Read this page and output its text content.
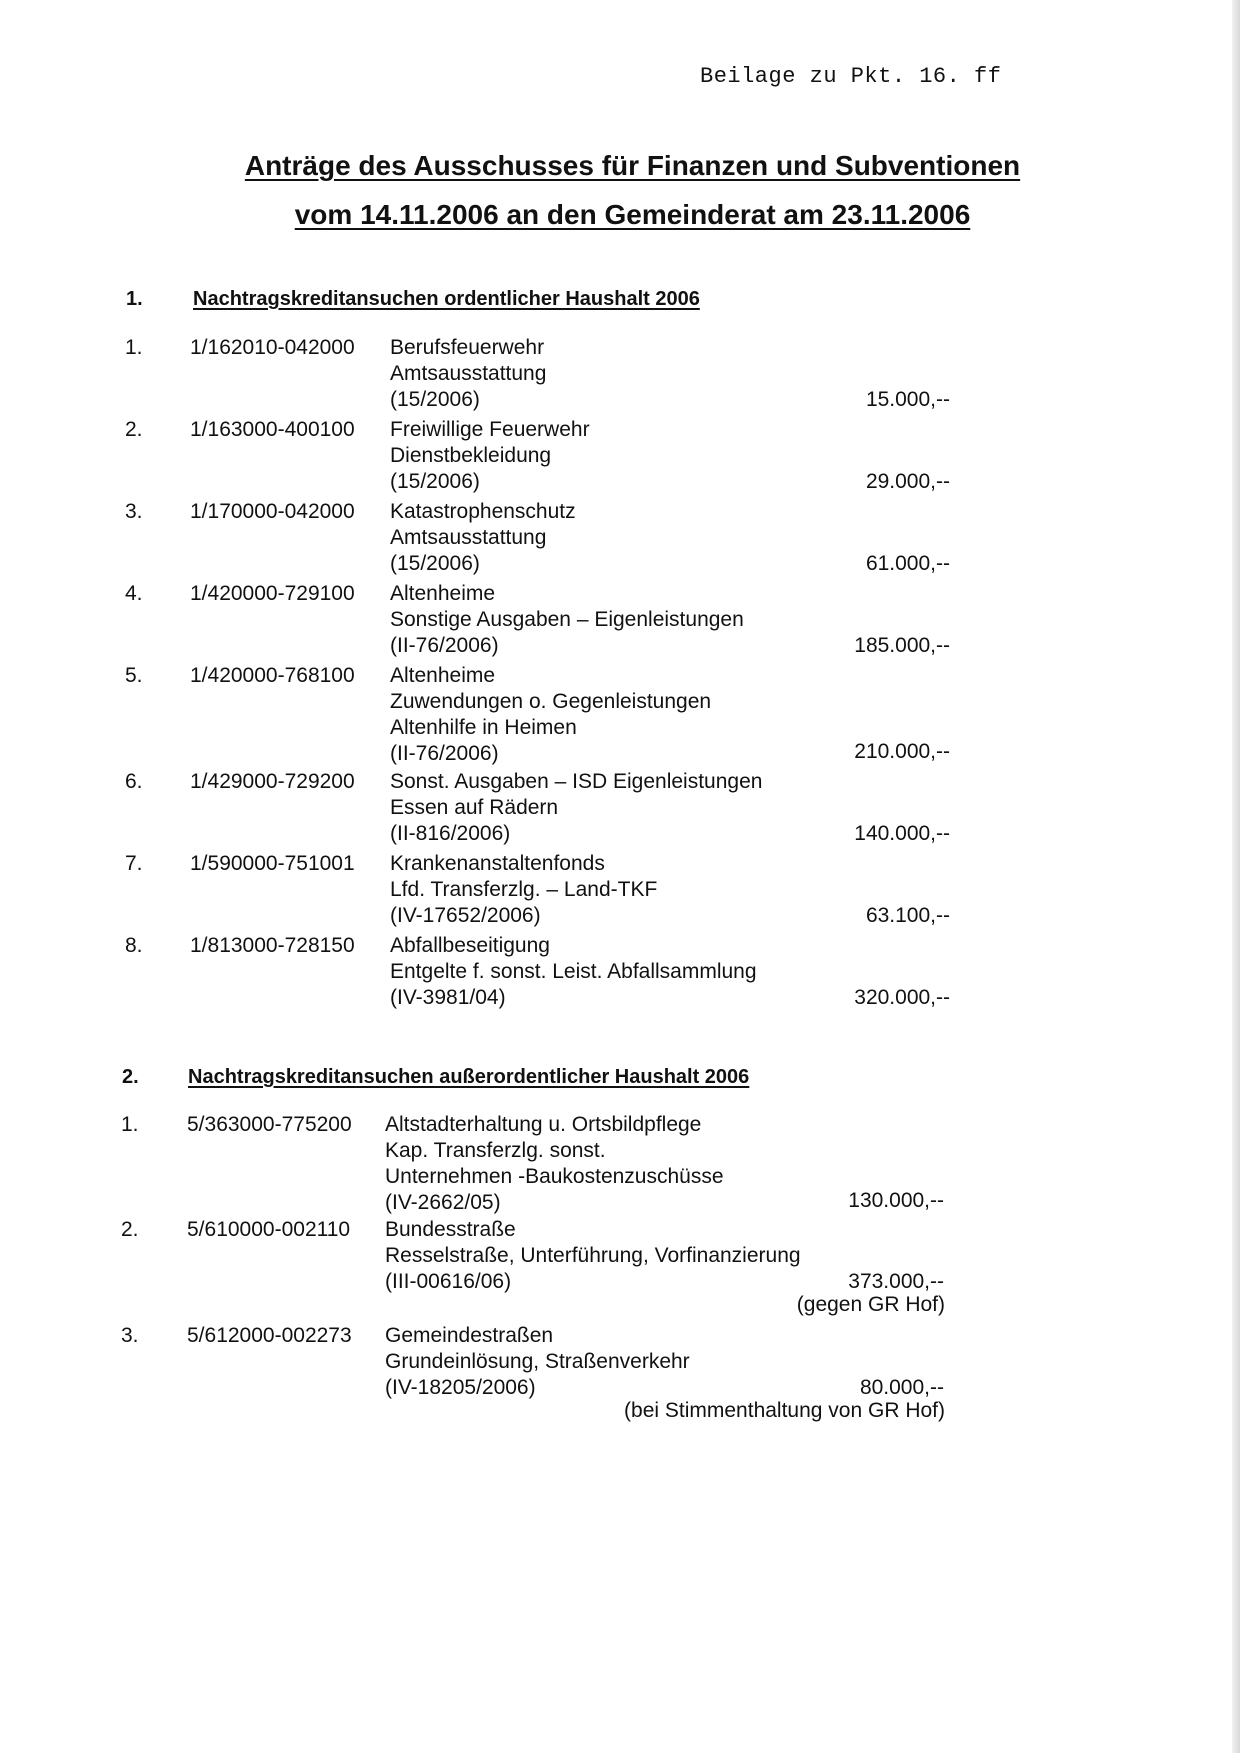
Beilage zu Pkt. 16. ff
Anträge des Ausschusses für Finanzen und Subventionen
vom 14.11.2006 an den Gemeinderat am 23.11.2006
1.	Nachtragskreditansuchen ordentlicher Haushalt 2006
1. 1/162010-042000 Berufsfeuerwehr
Amtsausstattung
(15/2006)	15.000,--
2. 1/163000-400100 Freiwillige Feuerwehr
Dienstbekleidung
(15/2006)	29.000,--
3. 1/170000-042000 Katastrophenschutz
Amtsausstattung
(15/2006)	61.000,--
4. 1/420000-729100 Altenheime
Sonstige Ausgaben – Eigenleistungen
(II-76/2006)	185.000,--
5. 1/420000-768100 Altenheime
Zuwendungen o. Gegenleistungen
Altenhilfe in Heimen
(II-76/2006)	210.000,--
6. 1/429000-729200 Sonst. Ausgaben – ISD Eigenleistungen
Essen auf Rädern
(II-816/2006)	140.000,--
7. 1/590000-751001 Krankenanstaltenfonds
Lfd. Transferzlg. – Land-TKF
(IV-17652/2006)	63.100,--
8. 1/813000-728150 Abfallbeseitigung
Entgelte f. sonst. Leist. Abfallsammlung
(IV-3981/04)	320.000,--
2. Nachtragskreditansuchen außerordentlicher Haushalt 2006
1. 5/363000-775200 Altstadterhaltung u. Ortsbildpflege
Kap. Transferzlg. sonst.
Unternehmen -Baukostenzuschüsse
(IV-2662/05)	130.000,--
2. 5/610000-002110 Bundesstraße
Resselstraße, Unterführung, Vorfinanzierung
(III-00616/06)	373.000,--
(gegen GR Hof)
3. 5/612000-002273 Gemeindestraßen
Grundeinlösung, Straßenverkehr
(IV-18205/2006)	80.000,--
(bei Stimmenthaltung von GR Hof)
